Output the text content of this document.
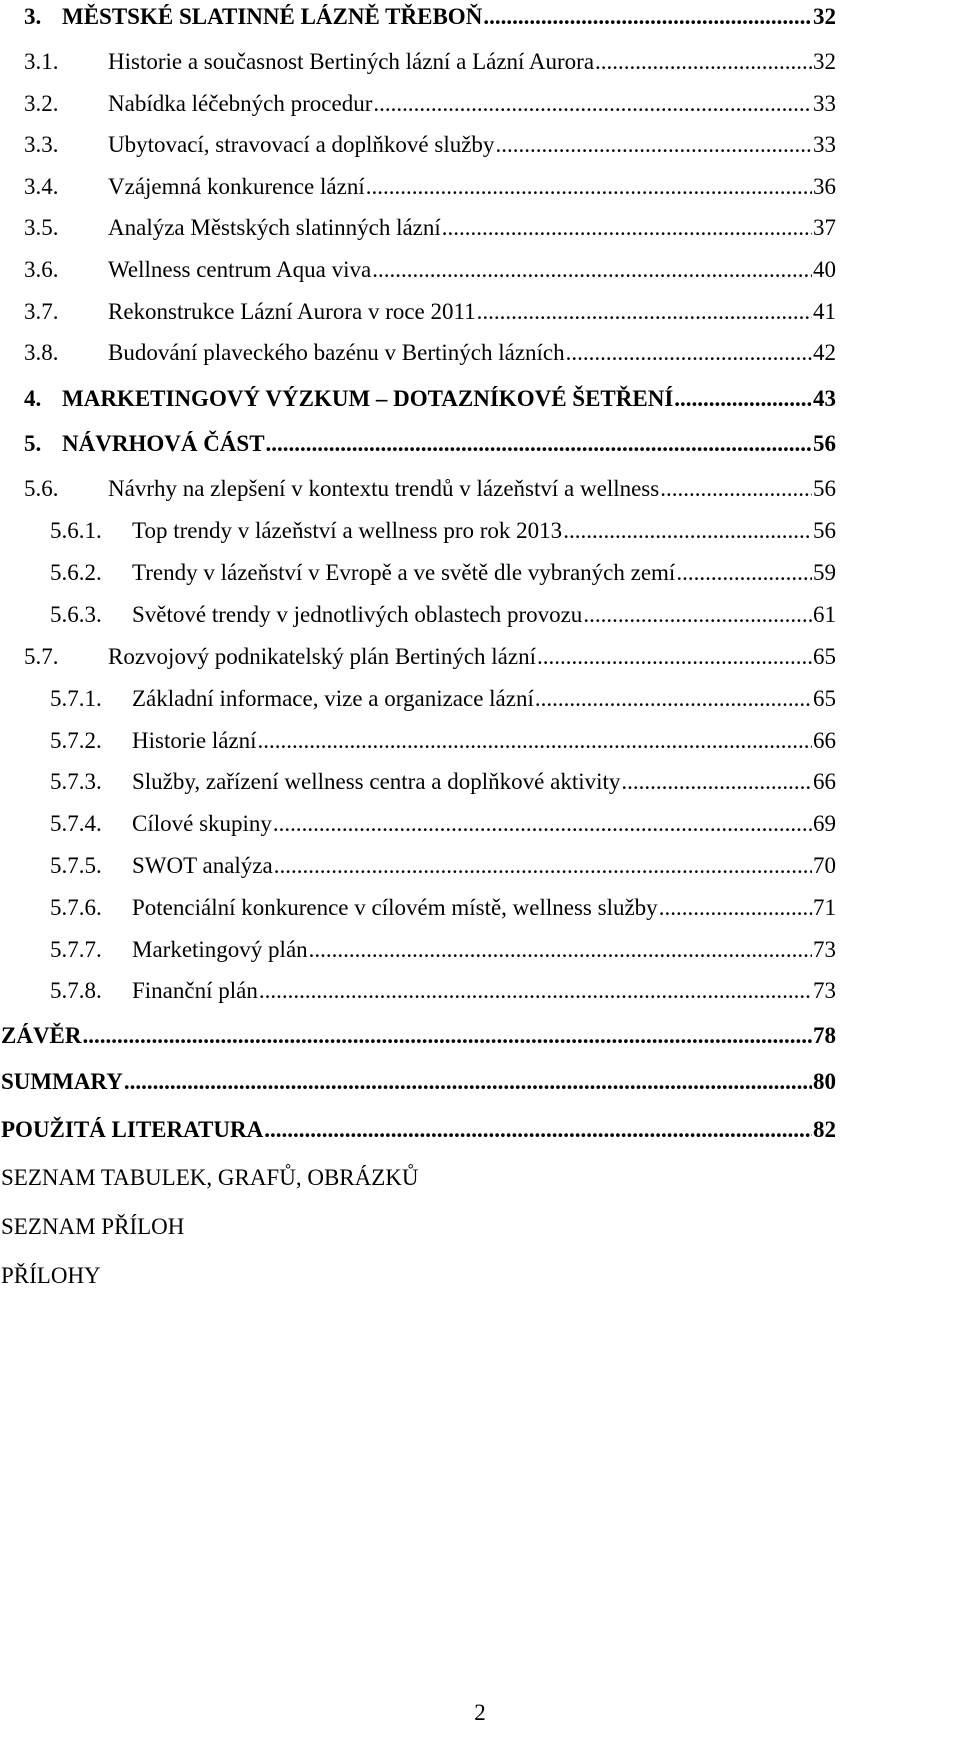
3. MĚSTSKÉ SLATINNÉ LÁZNĚ TŘEBOŇ .....	32
3.1.	Historie a současnost Bertiných lázní a Lázní Aurora .....	32
3.2.	Nabídka léčebných procedur .....	33
3.3.	Ubytovací, stravovací a doplňkové služby .....	33
3.4.	Vzájemná konkurence lázní .....	36
3.5.	Analýza Městských slatinných lázní .....	37
3.6.	Wellness centrum Aqua viva .....	40
3.7.	Rekonstrukce Lázní Aurora v roce 2011 .....	41
3.8.	Budování plaveckého bazénu v Bertiných lázních .....	42
4. MARKETINGOVÝ VÝZKUM – DOTAZNÍKOVÉ ŠETŘENÍ .....	43
5. NÁVRHOVÁ ČÁST .....	56
5.6.	Návrhy na zlepšení v kontextu trendů v lázeňství a wellness .....	56
5.6.1.	Top trendy v lázeňství a wellness pro rok 2013 .....	56
5.6.2.	Trendy v lázeňství v Evropě a ve světě dle vybraných zemí .....	59
5.6.3.	Světové trendy v jednotlivých oblastech provozu .....	61
5.7.	Rozvojový podnikatelský plán Bertiných lázní .....	65
5.7.1.	Základní informace, vize a organizace lázní .....	65
5.7.2.	Historie lázní .....	66
5.7.3.	Služby, zařízení wellness centra a doplňkové aktivity .....	66
5.7.4.	Cílové skupiny .....	69
5.7.5.	SWOT analýza .....	70
5.7.6.	Potenciální konkurence v cílovém místě, wellness služby .....	71
5.7.7.	Marketingový plán .....	73
5.7.8.	Finanční plán .....	73
ZÁVĚR .....	78
SUMMARY .....	80
POUŽITÁ LITERATURA .....	82
SEZNAM TABULEK, GRAFŮ, OBRÁZKŮ
SEZNAM PŘÍLOH
PŘÍLOHY
2
